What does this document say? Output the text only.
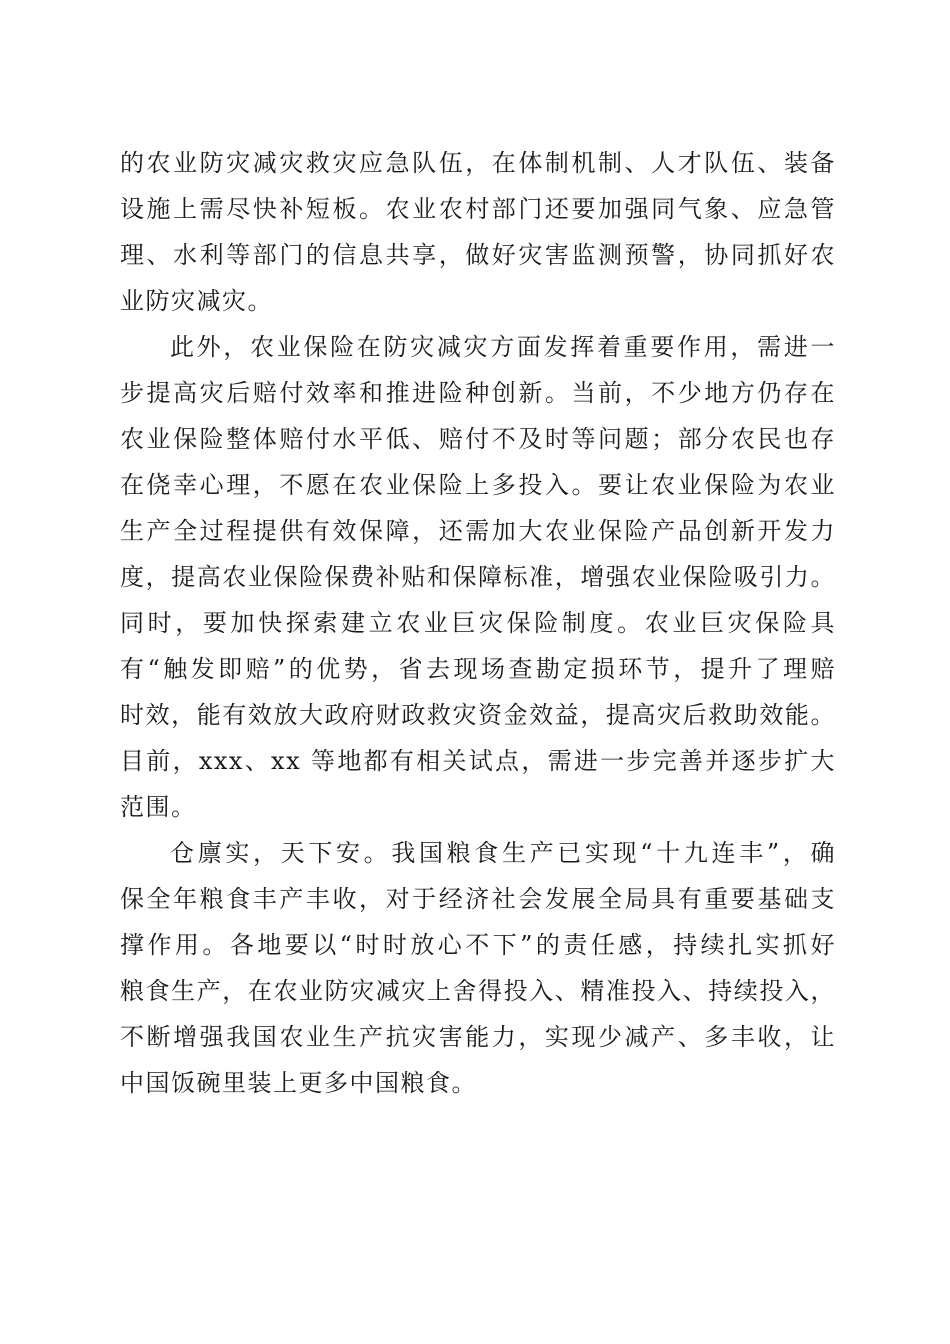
的农业防灾减灾救灾应急队伍，在体制机制、人才队伍、装备
设施上需尽快补短板。农业农村部门还要加强同气象、应急管
理、水利等部门的信息共享，做好灾害监测预警，协同抓好农
业防灾减灾。
此外，农业保险在防灾减灾方面发挥着重要作用，需进一
步提高灾后赔付效率和推进险种创新。当前，不少地方仍存在
农业保险整体赔付水平低、赔付不及时等问题；部分农民也存
在侥幸心理，不愿在农业保险上多投入。要让农业保险为农业
生产全过程提供有效保障，还需加大农业保险产品创新开发力
度，提高农业保险保费补贴和保障标准，增强农业保险吸引力。
同时，要加快探索建立农业巨灾保险制度。农业巨灾保险具
有“触发即赔”的优势，省去现场查勘定损环节，提升了理赔
时效，能有效放大政府财政救灾资金效益，提高灾后救助效能。
目前，xxx、xx 等地都有相关试点，需进一步完善并逐步扩大
范围。
仓廪实，天下安。我国粮食生产已实现“十九连丰”，确
保全年粮食丰产丰收，对于经济社会发展全局具有重要基础支
撑作用。各地要以“时时放心不下”的责任感，持续扎实抓好
粮食生产，在农业防灾减灾上舍得投入、精准投入、持续投入，
不断增强我国农业生产抗灾害能力，实现少减产、多丰收，让
中国饭碗里装上更多中国粮食。
